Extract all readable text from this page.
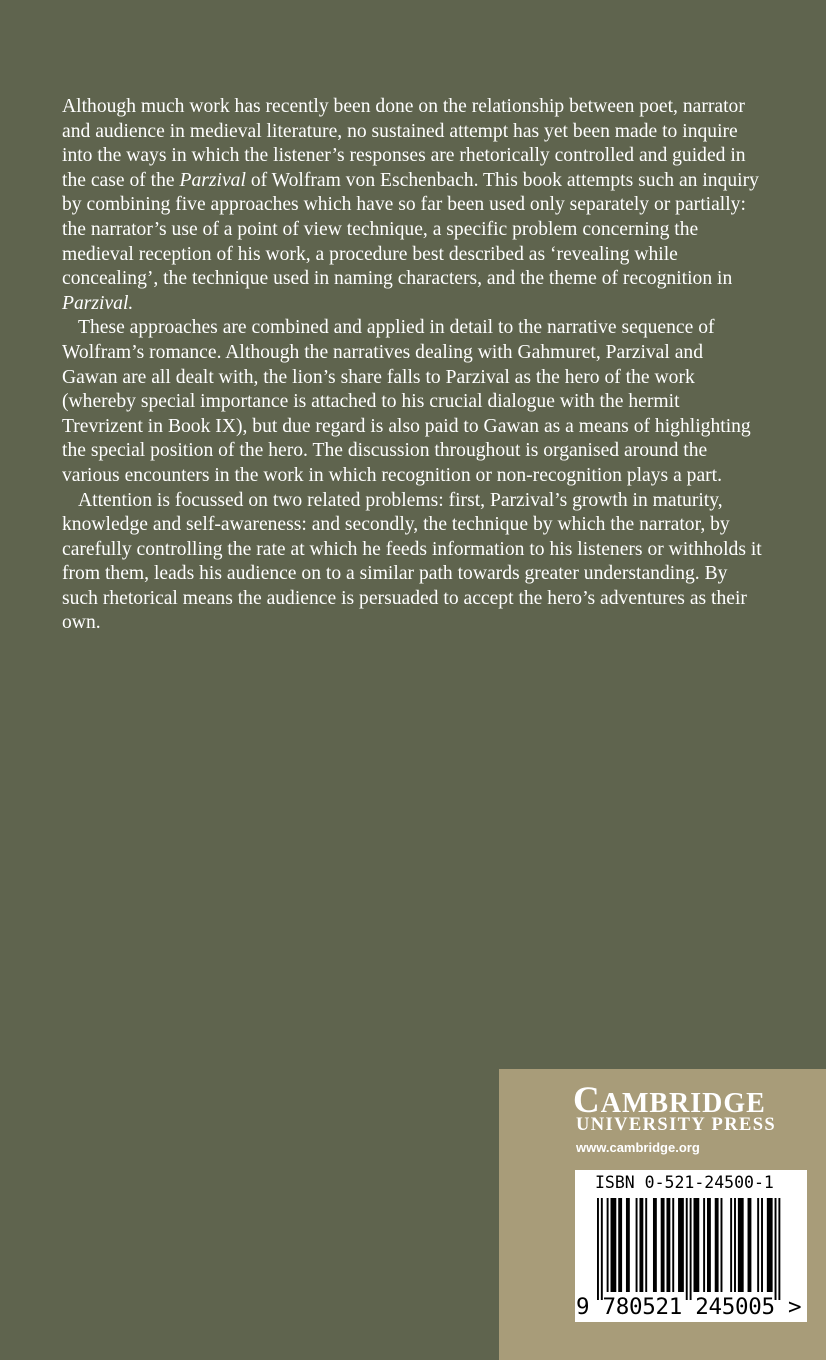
Although much work has recently been done on the relationship between poet, narrator and audience in medieval literature, no sustained attempt has yet been made to inquire into the ways in which the listener’s responses are rhetorically controlled and guided in the case of the Parzival of Wolfram von Eschenbach. This book attempts such an inquiry by combining five approaches which have so far been used only separately or partially: the narrator’s use of a point of view technique, a specific problem concerning the medieval reception of his work, a procedure best described as ‘revealing while concealing’, the technique used in naming characters, and the theme of recognition in Parzival.

These approaches are combined and applied in detail to the narrative sequence of Wolfram’s romance. Although the narratives dealing with Gahmuret, Parzival and Gawan are all dealt with, the lion’s share falls to Parzival as the hero of the work (whereby special importance is attached to his crucial dialogue with the hermit Trevrizent in Book IX), but due regard is also paid to Gawan as a means of highlighting the special position of the hero. The discussion throughout is organised around the various encounters in the work in which recognition or non-recognition plays a part.

Attention is focussed on two related problems: first, Parzival’s growth in maturity, knowledge and self-awareness: and secondly, the technique by which the narrator, by carefully controlling the rate at which he feeds information to his listeners or withholds it from them, leads his audience on to a similar path towards greater understanding. By such rhetorical means the audience is persuaded to accept the hero’s adventures as their own.

CAMBRIDGE
UNIVERSITY PRESS
www.cambridge.org
ISBN 0-521-24500-1
9 780521 245005 >
